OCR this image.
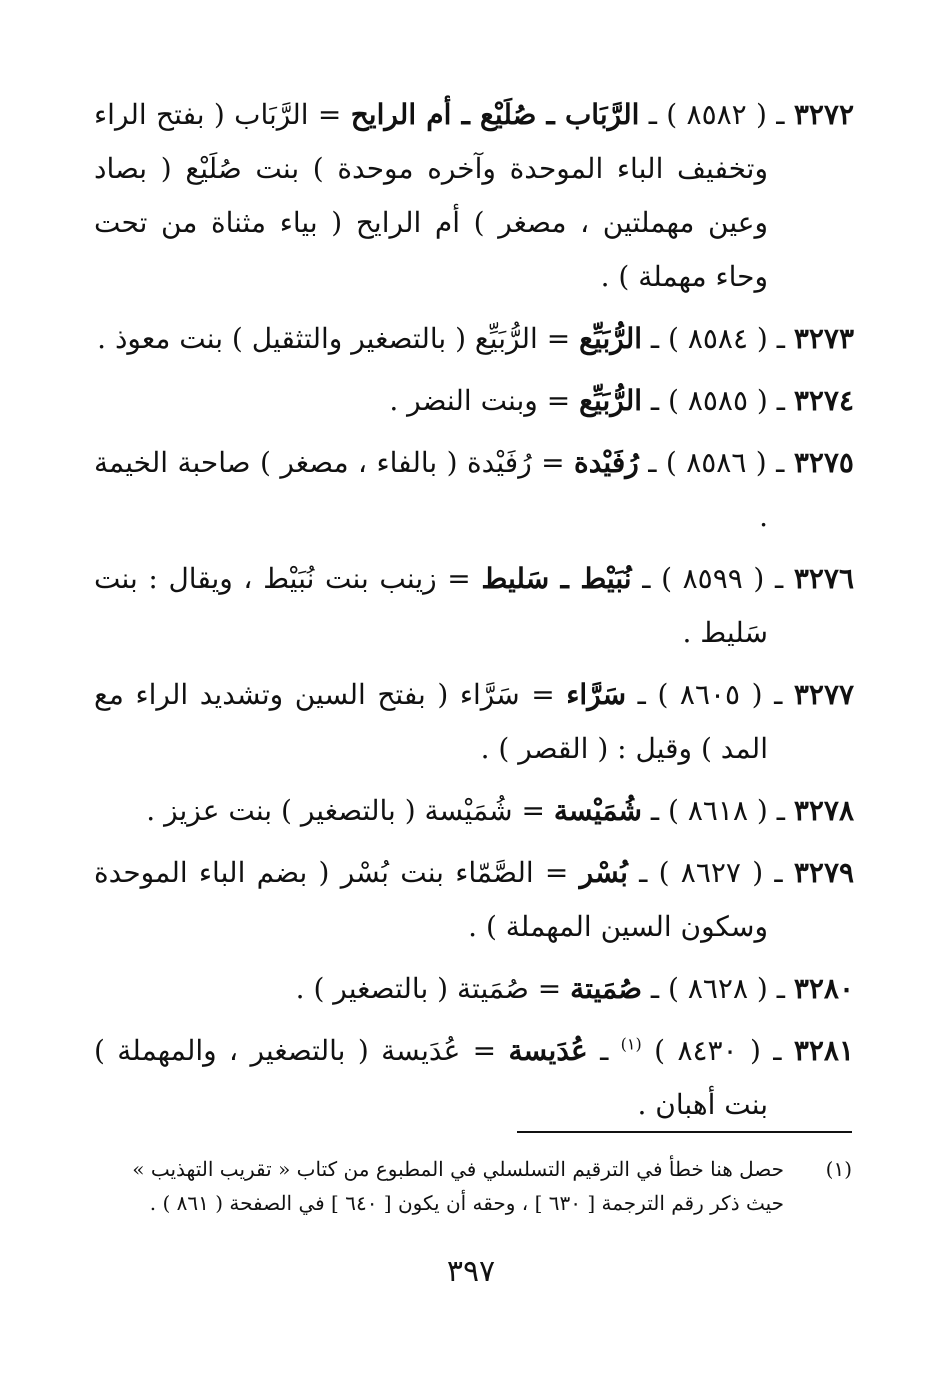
٣٢٧٢ ـ ( ٨٥٨٢ ) ـ الرَّبَاب ـ صُلَيْع ـ أم الرايح = الرَّبَاب ( بفتح الراء وتخفيف الباء الموحدة وآخره موحدة ) بنت صُلَيْع ( بصاد وعين مهملتين ، مصغر ) أم الرايح ( بياء مثناة من تحت وحاء مهملة ) .

٣٢٧٣ ـ ( ٨٥٨٤ ) ـ الرُّبَيِّع = الرُّبَيِّع ( بالتصغير والتثقيل ) بنت معوذ .

٣٢٧٤ ـ ( ٨٥٨٥ ) ـ الرُّبَيِّع = وبنت النضر .

٣٢٧٥ ـ ( ٨٥٨٦ ) ـ رُفَيْدة = رُفَيْدة ( بالفاء ، مصغر ) صاحبة الخيمة .

٣٢٧٦ ـ ( ٨٥٩٩ ) ـ نُبَيْط ـ سَليط = زينب بنت نُبَيْط ، ويقال : بنت سَليط .

٣٢٧٧ ـ ( ٨٦٠٥ ) ـ سَرَّاء = سَرَّاء ( بفتح السين وتشديد الراء مع المد ) وقيل : ( القصر ) .

٣٢٧٨ ـ ( ٨٦١٨ ) ـ شُمَيْسة = شُمَيْسة ( بالتصغير ) بنت عزيز .

٣٢٧٩ ـ ( ٨٦٢٧ ) ـ بُسْر = الصَّمّاء بنت بُسْر ( بضم الباء الموحدة وسكون السين المهملة ) .

٣٢٨٠ ـ ( ٨٦٢٨ ) ـ صُمَيتة = صُمَيتة ( بالتصغير ) .

٣٢٨١ ـ ( ٨٤٣٠ ) $^{(١)}$ ـ عُدَيسة = عُدَيسة ( بالتصغير ، والمهملة ) بنت أهبان .

(١)حصل هنا خطأ في الترقيم التسلسلي في المطبوع من كتاب « تقريب التهذيب » حيث ذكر رقم الترجمة [ ٦٣٠ ] ، وحقه أن يكون [ ٦٤٠ ] في الصفحة ( ٨٦١ ) .
٣٩٧
